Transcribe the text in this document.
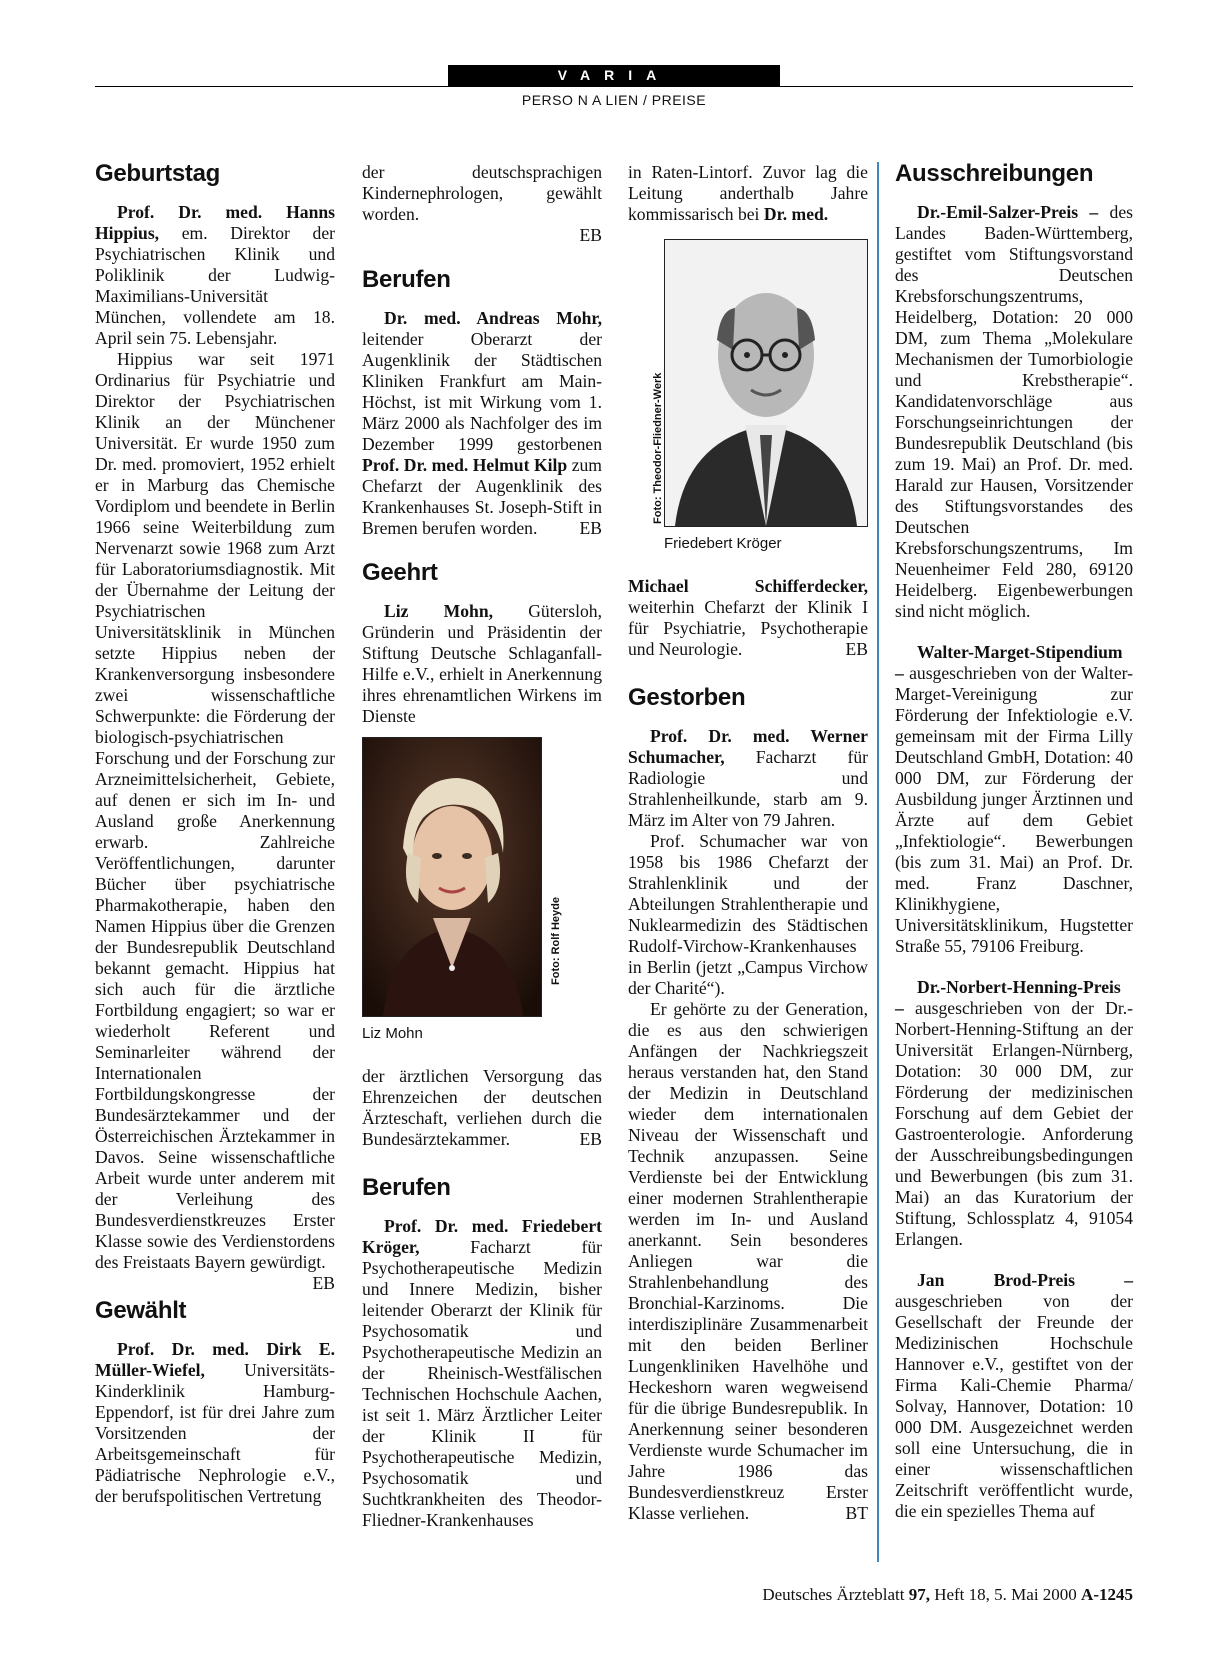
VARIA
PERSO N A LIEN / PREISE
Geburtstag

Prof. Dr. med. Hanns Hippius, em. Direktor der Psychiatrischen Klinik und Poliklinik der Ludwig-Maximilians-Universität München, vollendete am 18. April sein 75. Lebensjahr.

Hippius war seit 1971 Ordinarius für Psychiatrie und Direktor der Psychiatrischen Klinik an der Münchener Universität. Er wurde 1950 zum Dr. med. promoviert, 1952 erhielt er in Marburg das Chemische Vordiplom und beendete in Berlin 1966 seine Weiterbildung zum Nervenarzt sowie 1968 zum Arzt für Laboratoriumsdiagnostik. Mit der Übernahme der Leitung der Psychiatrischen Universitätsklinik in München setzte Hippius neben der Krankenversorgung insbesondere zwei wissenschaftliche Schwerpunkte: die Förderung der biologisch-psychiatrischen Forschung und der Forschung zur Arzneimittelsicherheit, Gebiete, auf denen er sich im In- und Ausland große Anerkennung erwarb. Zahlreiche Veröffentlichungen, darunter Bücher über psychiatrische Pharmakotherapie, haben den Namen Hippius über die Grenzen der Bundesrepublik Deutschland bekannt gemacht. Hippius hat sich auch für die ärztliche Fortbildung engagiert; so war er wiederholt Referent und Seminarleiter während der Internationalen Fortbildungskongresse der Bundesärztekammer und der Österreichischen Ärztekammer in Davos. Seine wissenschaftliche Arbeit wurde unter anderem mit der Verleihung des Bundesverdienstkreuzes Erster Klasse sowie des Verdienstordens des Freistaats Bayern gewürdigt.
EB

Gewählt

Prof. Dr. med. Dirk E. Müller-Wiefel, Universitäts-Kinderklinik Hamburg-Eppendorf, ist für drei Jahre zum Vorsitzenden der Arbeitsgemeinschaft für Pädiatrische Nephrologie e.V., der berufspolitischen Vertretung

der deutschsprachigen Kindernephrologen, gewählt worden.
EB

Berufen

Dr. med. Andreas Mohr, leitender Oberarzt der Augenklinik der Städtischen Kliniken Frankfurt am Main-Höchst, ist mit Wirkung vom 1. März 2000 als Nachfolger des im Dezember 1999 gestorbenen Prof. Dr. med. Helmut Kilp zum Chefarzt der Augenklinik des Krankenhauses St. Joseph-Stift in Bremen berufen worden.	EB

Geehrt

Liz Mohn, Gütersloh, Gründerin und Präsidentin der Stiftung Deutsche Schlaganfall-Hilfe e.V., erhielt in Anerkennung ihres ehrenamtlichen Wirkens im Dienste

Foto: Rolf Heyde
Liz Mohn

der ärztlichen Versorgung das Ehrenzeichen der deutschen Ärzteschaft, verliehen durch die Bundesärztekammer.	EB

Berufen

Prof. Dr. med. Friedebert Kröger, Facharzt für Psychotherapeutische Medizin und Innere Medizin, bisher leitender Oberarzt der Klinik für Psychosomatik und Psychotherapeutische Medizin an der Rheinisch-Westfälischen Technischen Hochschule Aachen, ist seit 1. März Ärztlicher Leiter der Klinik II für Psychotherapeutische Medizin, Psychosomatik und Suchtkrankheiten des Theodor-Fliedner-Krankenhauses

in Raten-Lintorf. Zuvor lag die Leitung anderthalb Jahre kommissarisch bei Dr. med.

Foto: Theodor-Fliedner-Werk
Friedebert Kröger

Michael Schifferdecker, weiterhin Chefarzt der Klinik I für Psychiatrie, Psychotherapie und Neurologie.	EB

Gestorben

Prof. Dr. med. Werner Schumacher, Facharzt für Radiologie und Strahlenheilkunde, starb am 9. März im Alter von 79 Jahren.

Prof. Schumacher war von 1958 bis 1986 Chefarzt der Strahlenklinik und der Abteilungen Strahlentherapie und Nuklearmedizin des Städtischen Rudolf-Virchow-Krankenhauses in Berlin (jetzt „Campus Virchow der Charité“).

Er gehörte zu der Generation, die es aus den schwierigen Anfängen der Nachkriegszeit heraus verstanden hat, den Stand der Medizin in Deutschland wieder dem internationalen Niveau der Wissenschaft und Technik anzupassen. Seine Verdienste bei der Entwicklung einer modernen Strahlentherapie werden im In- und Ausland anerkannt. Sein besonderes Anliegen war die Strahlenbehandlung des Bronchial-Karzinoms. Die interdisziplinäre Zusammenarbeit mit den beiden Berliner Lungenkliniken Havelhöhe und Heckeshorn waren wegweisend für die übrige Bundesrepublik. In Anerkennung seiner besonderen Verdienste wurde Schumacher im Jahre 1986 das Bundesverdienstkreuz Erster Klasse verliehen.	BT

Ausschreibungen

Dr.-Emil-Salzer-Preis – des Landes Baden-Württemberg, gestiftet vom Stiftungsvorstand des Deutschen Krebsforschungszentrums, Heidelberg, Dotation: 20 000 DM, zum Thema „Molekulare Mechanismen der Tumorbiologie und Krebstherapie“. Kandidatenvorschläge aus Forschungseinrichtungen der Bundesrepublik Deutschland (bis zum 19. Mai) an Prof. Dr. med. Harald zur Hausen, Vorsitzender des Stiftungsvorstandes des Deutschen Krebsforschungszentrums, Im Neuenheimer Feld 280, 69120 Heidelberg. Eigenbewerbungen sind nicht möglich.

Walter-Marget-Stipendium – ausgeschrieben von der Walter-Marget-Vereinigung zur Förderung der Infektiologie e.V. gemeinsam mit der Firma Lilly Deutschland GmbH, Dotation: 40 000 DM, zur Förderung der Ausbildung junger Ärztinnen und Ärzte auf dem Gebiet „Infektiologie“. Bewerbungen (bis zum 31. Mai) an Prof. Dr. med. Franz Daschner, Klinikhygiene, Universitätsklinikum, Hugstetter Straße 55, 79106 Freiburg.

Dr.-Norbert-Henning-Preis – ausgeschrieben von der Dr.-Norbert-Henning-Stiftung an der Universität Erlangen-Nürnberg, Dotation: 30 000 DM, zur Förderung der medizinischen Forschung auf dem Gebiet der Gastroenterologie. Anforderung der Ausschreibungsbedingungen und Bewerbungen (bis zum 31. Mai) an das Kuratorium der Stiftung, Schlossplatz 4, 91054 Erlangen.

Jan Brod-Preis – ausgeschrieben von der Gesellschaft der Freunde der Medizinischen Hochschule Hannover e.V., gestiftet von der Firma Kali-Chemie Pharma/ Solvay, Hannover, Dotation: 10 000 DM. Ausgezeichnet werden soll eine Untersuchung, die in einer wissenschaftlichen Zeitschrift veröffentlicht wurde, die ein spezielles Thema auf

Deutsches Ärzteblatt 97, Heft 18, 5. Mai 2000 A-1245
